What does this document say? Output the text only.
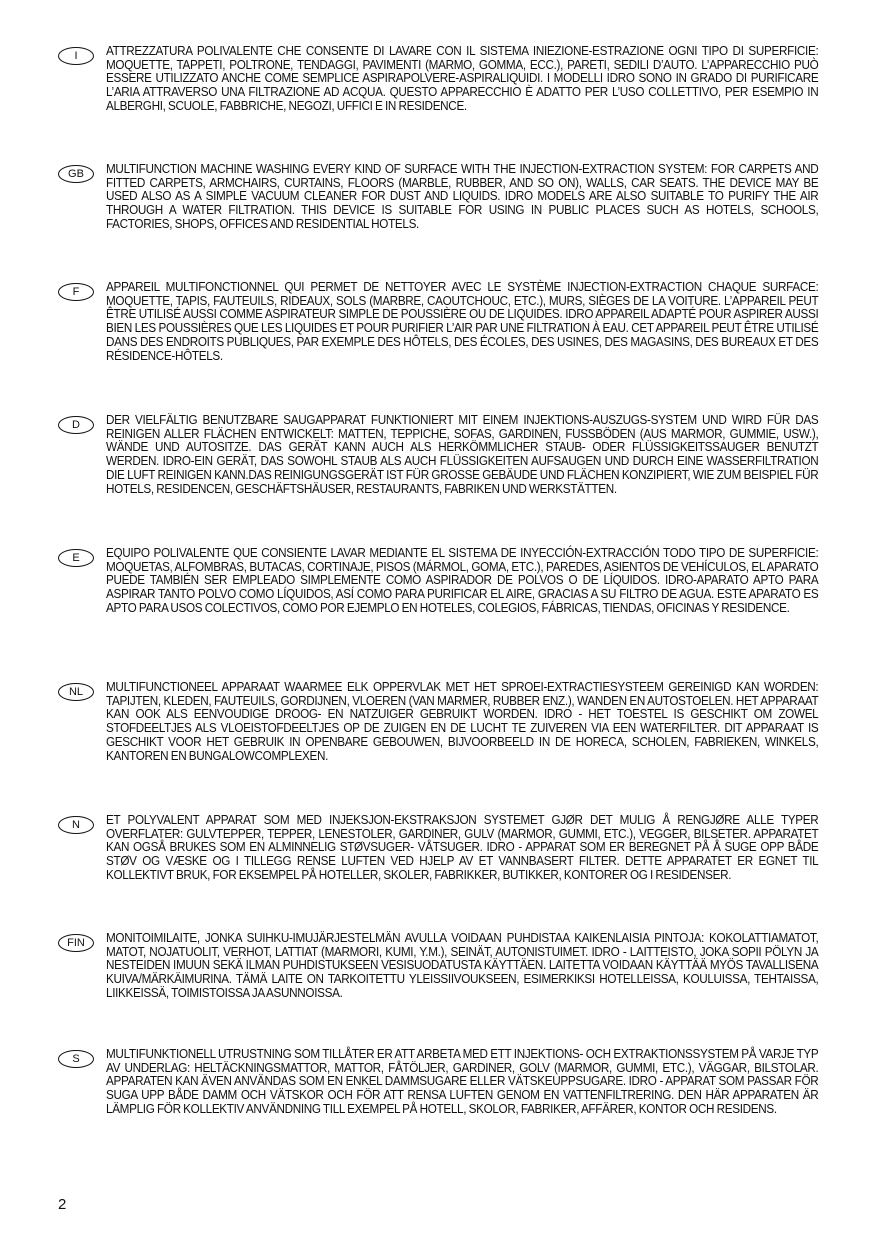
I	ATTREZZATURA POLIVALENTE CHE CONSENTE DI LAVARE CON IL SISTEMA INIEZIONE-ESTRAZIONE OGNI TIPO DI SUPERFICIE: MOQUETTE, TAPPETI, POLTRONE, TENDAGGI, PAVIMENTI (MARMO, GOMMA, ECC.), PARETI, SEDILI D’AUTO. L’APPARECCHIO PUÒ ESSERE UTILIZZATO ANCHE COME SEMPLICE ASPIRAPOLVERE-ASPIRALIQUIDI. I MODELLI IDRO SONO IN GRADO DI PURIFICARE L’ARIA ATTRAVERSO UNA FILTRAZIONE AD ACQUA. QUESTO APPARECCHIO È ADATTO PER L’USO COLLETTIVO, PER ESEMPIO IN ALBERGHI, SCUOLE, FABBRICHE, NEGOZI, UFFICI E IN RESIDENCE.
GB	MULTIFUNCTION MACHINE WASHING EVERY KIND OF SURFACE WITH THE INJECTION-EXTRACTION SYSTEM: FOR CARPETS AND FITTED CARPETS, ARMCHAIRS, CURTAINS, FLOORS (MARBLE, RUBBER, AND SO ON), WALLS, CAR SEATS. THE DEVICE MAY BE USED ALSO AS A SIMPLE VACUUM CLEANER FOR DUST AND LIQUIDS. IDRO MODELS ARE ALSO SUITABLE TO PURIFY THE AIR THROUGH A WATER FILTRATION. THIS DEVICE IS SUITABLE FOR USING IN PUBLIC PLACES SUCH AS HOTELS, SCHOOLS, FACTORIES, SHOPS, OFFICES AND RESIDENTIAL HOTELS.
F	APPAREIL MULTIFONCTIONNEL QUI PERMET DE NETTOYER AVEC LE SYSTÈME INJECTION-EXTRACTION CHAQUE SURFACE: MOQUETTE, TAPIS, FAUTEUILS, RIDEAUX, SOLS (MARBRE, CAOUTCHOUC, ETC.), MURS, SIÈGES DE LA VOITURE. L’APPAREIL PEUT ÊTRE UTILISÉ AUSSI COMME ASPIRATEUR SIMPLE DE POUSSIÈRE OU DE LIQUIDES. IDRO APPAREIL ADAPTÉ POUR ASPIRER AUSSI BIEN LES POUSSIÈRES QUE LES LIQUIDES ET POUR PURIFIER L’AIR PAR UNE FILTRATION À EAU. CET APPAREIL PEUT ÊTRE UTILISÉ DANS DES ENDROITS PUBLIQUES, PAR EXEMPLE DES HÔTELS, DES ÉCOLES, DES USINES, DES MAGASINS, DES BUREAUX ET DES RÉSIDENCE-HÔTELS.
D	DER VIELFÄLTIG BENUTZBARE SAUGAPPARAT FUNKTIONIERT MIT EINEM INJEKTIONS-AUSZUGS-SYSTEM UND WIRD FÜR DAS REINIGEN ALLER FLÄCHEN ENTWICKELT: MATTEN, TEPPICHE, SOFAS, GARDINEN, FUSSBÖDEN (AUS MARMOR, GUMMIE, USW.), WÄNDE UND AUTOSITZE. DAS GERÄT KANN AUCH ALS HERKÖMMLICHER STAUB- ODER FLÜSSIGKEITSSAUGER BENUTZT WERDEN. IDRO-EIN GERÄT, DAS SOWOHL STAUB ALS AUCH FLÜSSIGKEITEN AUFSAUGEN UND DURCH EINE WASSERFILTRATION DIE LUFT REINIGEN KANN.DAS REINIGUNGSGERÄT IST FÜR GROSSE GEBÄUDE UND FLÄCHEN KONZIPIERT, WIE ZUM BEISPIEL FÜR HOTELS, RESIDENCEN, GESCHÄFTSHÄUSER, RESTAURANTS, FABRIKEN UND WERKSTÄTTEN.
E	EQUIPO POLIVALENTE QUE CONSIENTE LAVAR MEDIANTE EL SISTEMA DE INYECCIÓN-EXTRACCIÓN TODO TIPO DE SUPERFICIE: MOQUETAS, ALFOMBRAS, BUTACAS, CORTINAJE, PISOS (MÁRMOL, GOMA, ETC.), PAREDES, ASIENTOS DE VEHÍCULOS, EL APARATO PUEDE TAMBIÉN SER EMPLEADO SIMPLEMENTE COMO ASPIRADOR DE POLVOS O DE LÍQUIDOS. IDRO-APARATO APTO PARA ASPIRAR TANTO POLVO COMO LÍQUIDOS, ASÍ COMO PARA PURIFICAR EL AIRE, GRACIAS A SU FILTRO DE AGUA. ESTE APARATO ES APTO PARA USOS COLECTIVOS, COMO POR EJEMPLO EN HOTELES, COLEGIOS, FÁBRICAS, TIENDAS, OFICINAS Y RESIDENCE.
NL	MULTIFUNCTIONEEL APPARAAT WAARMEE ELK OPPERVLAK MET HET SPROEI-EXTRACTIESYSTEEM GEREINIGD KAN WORDEN: TAPIJTEN, KLEDEN, FAUTEUILS, GORDIJNEN, VLOEREN (VAN MARMER, RUBBER ENZ.), WANDEN EN AUTOSTOELEN. HET APPARAAT KAN OOK ALS EENVOUDIGE DROOG- EN NATZUIGER GEBRUIKT WORDEN. IDRO - HET TOESTEL IS GESCHIKT OM ZOWEL STOFDEELTJES ALS VLOEISTOFDEELTJES OP DE ZUIGEN EN DE LUCHT TE ZUIVEREN VIA EEN WATERFILTER. DIT APPARAAT IS GESCHIKT VOOR HET GEBRUIK IN OPENBARE GEBOUWEN, BIJVOORBEELD IN DE HORECA, SCHOLEN, FABRIEKEN, WINKELS, KANTOREN EN BUNGALOWCOMPLEXEN.
N	ET POLYVALENT APPARAT SOM MED INJEKSJON-EKSTRAKSJON SYSTEMET GJØR DET MULIG Å RENGJØRE ALLE TYPER OVERFLATER: GULVTEPPER, TEPPER, LENESTOLER, GARDINER, GULV (MARMOR, GUMMI, ETC.), VEGGER, BILSETER. APPARATET KAN OGSÅ BRUKES SOM EN ALMINNELIG STØVSUGER- VÅTSUGER. IDRO - APPARAT SOM ER BEREGNET PÅ Å SUGE OPP BÅDE STØV OG VÆSKE OG I TILLEGG RENSE LUFTEN VED HJELP AV ET VANNBASERT FILTER. DETTE APPARATET ER EGNET TIL KOLLEKTIVT BRUK, FOR EKSEMPEL PÅ HOTELLER, SKOLER, FABRIKKER, BUTIKKER, KONTORER OG I RESIDENSER.
FIN	MONITOIMILAITE, JONKA SUIHKU-IMUJÄRJESTELMÄN AVULLA VOIDAAN PUHDISTAA KAIKENLAISIA PINTOJA: KOKOLATTIAMATOT, MATOT, NOJATUOLIT, VERHOT, LATTIAT (MARMORI, KUMI, Y.M.), SEINÄT, AUTONISTUIMET. IDRO - LAITTEISTO, JOKA SOPII PÖLYN JA NESTEIDEN IMUUN SEKÄ ILMAN PUHDISTUKSEEN VESISUODATUSTA KÄYTTÄEN. LAITETTA VOIDAAN KÄYTTÄÄ MYÖS TAVALLISENA KUIVA/MÄRKÄIMURINA. TÄMÄ LAITE ON TARKOITETTU YLEISSIIVOUKSEEN, ESIMERKIKSI HOTELLEISSA, KOULUISSA, TEHTAISSA, LIIKKEISSÄ, TOIMISTOISSA JA ASUNNOISSA.
S	MULTIFUNKTIONELL UTRUSTNING SOM TILLÅTER ER ATT ARBETA MED ETT INJEKTIONS- OCH EXTRAKTIONSSYSTEM PÅ VARJE TYP AV UNDERLAG: HELTÄCKNINGSMATTOR, MATTOR, FÅTÖLJER, GARDINER, GOLV (MARMOR, GUMMI, ETC.), VÄGGAR, BILSTOLAR. APPARATEN KAN ÄVEN ANVÄNDAS SOM EN ENKEL DAMMSUGARE ELLER VÄTSKEUPPSUGARE. IDRO - APPARAT SOM PASSAR FÖR SUGA UPP BÅDE DAMM OCH VÄTSKOR OCH FÖR ATT RENSA LUFTEN GENOM EN VATTENFILTRERING. DEN HÄR APPARATEN ÄR LÄMPLIG FÖR KOLLEKTIV ANVÄNDNING TILL EXEMPEL PÅ HOTELL, SKOLOR, FABRIKER, AFFÄRER, KONTOR OCH RESIDENS.
2
